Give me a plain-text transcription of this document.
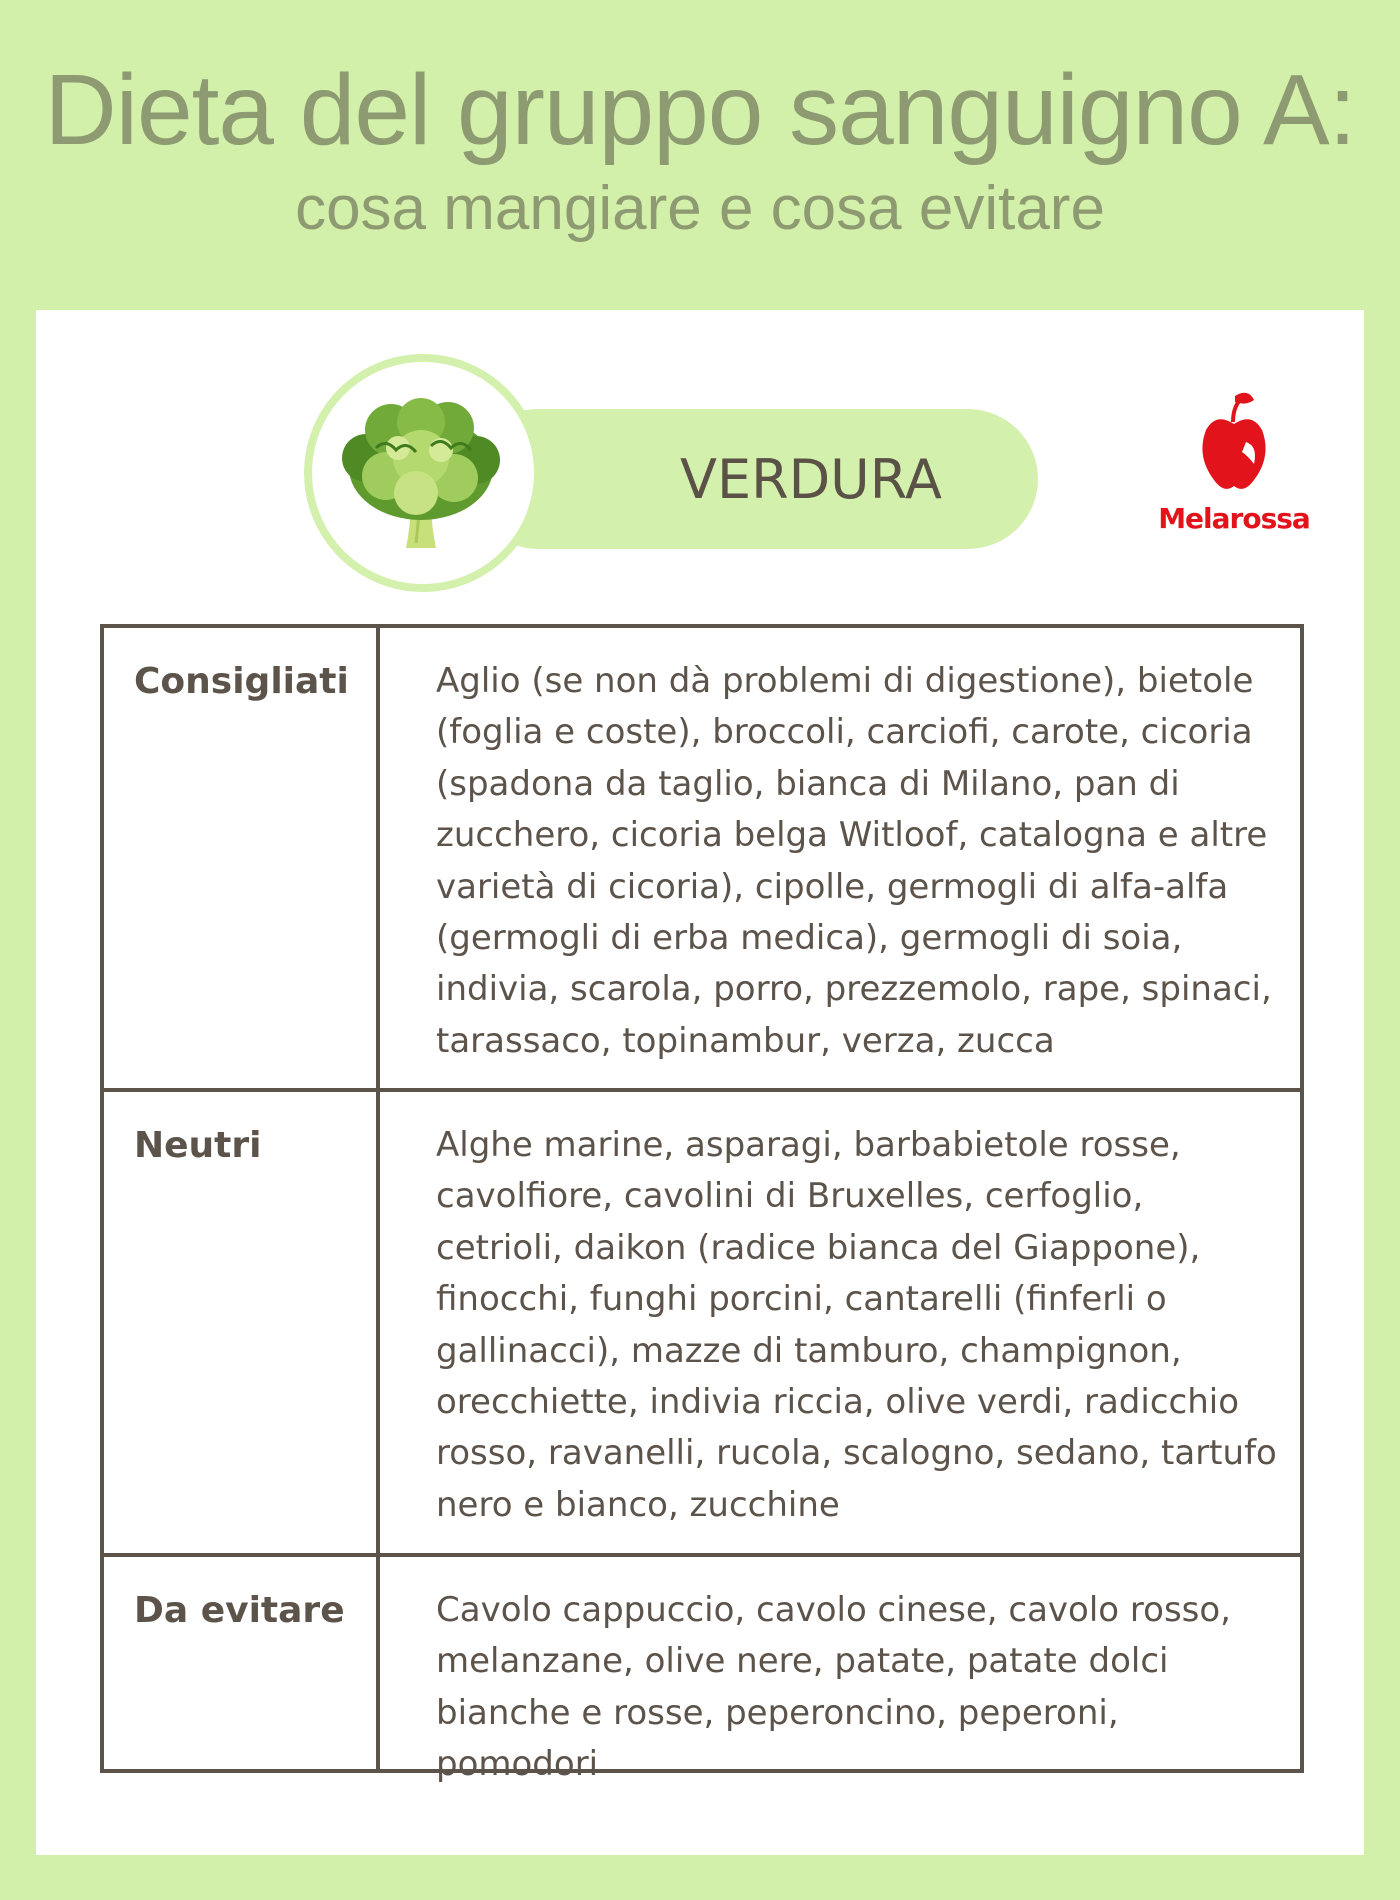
Dieta del gruppo sanguigno A:
cosa mangiare e cosa evitare
VERDURA
Melarossa
Consigliati	Aglio (se non dà problemi di digestione), bietole (foglia e coste), broccoli, carciofi, carote, cicoria (spadona da taglio, bianca di Milano, pan di zucchero, cicoria belga Witloof, catalogna e altre varietà di cicoria), cipolle, germogli di alfa-alfa (germogli di erba medica), germogli di soia, indivia, scarola, porro, prezzemolo, rape, spinaci, tarassaco, topinambur, verza, zucca
Neutri	Alghe marine, asparagi, barbabietole rosse, cavolfiore, cavolini di Bruxelles, cerfoglio, cetrioli, daikon (radice bianca del Giappone), finocchi, funghi porcini, cantarelli (finferli o gallinacci), mazze di tamburo, champignon, orecchiette, indivia riccia, olive verdi, radicchio rosso, ravanelli, rucola, scalogno, sedano, tartufo nero e bianco, zucchine
Da evitare	Cavolo cappuccio, cavolo cinese, cavolo rosso, melanzane, olive nere, patate, patate dolci bianche e rosse, peperoncino, peperoni, pomodori
